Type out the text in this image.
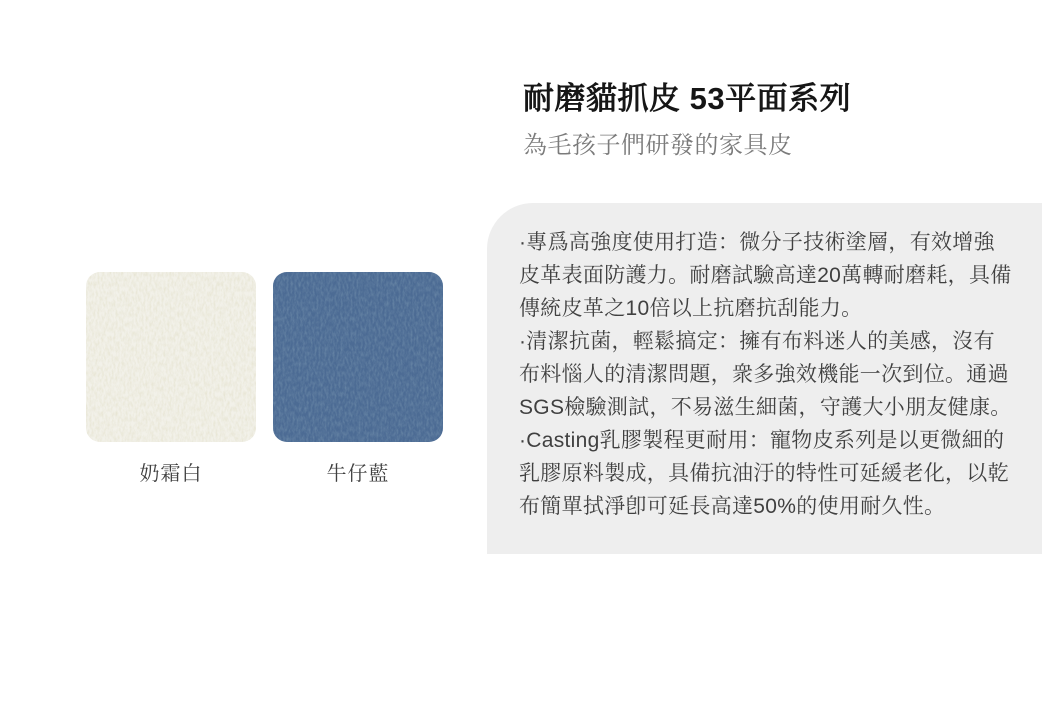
耐磨貓抓皮 53平面系列
為毛孩子們研發的家具皮
奶霜白	牛仔藍

·專爲高強度使用打造：微分子技術塗層，有效增強皮革表面防護力。耐磨試驗高達20萬轉耐磨耗，具備傳統皮革之10倍以上抗磨抗刮能力。

·清潔抗菌，輕鬆搞定：擁有布料迷人的美感，沒有布料惱人的清潔問題，衆多強效機能一次到位。通過SGS檢驗測試，不易滋生細菌，守護大小朋友健康。

·Casting乳膠製程更耐用：寵物皮系列是以更微細的乳膠原料製成，具備抗油汙的特性可延緩老化，以乾布簡單拭淨卽可延長高達50%的使用耐久性。
